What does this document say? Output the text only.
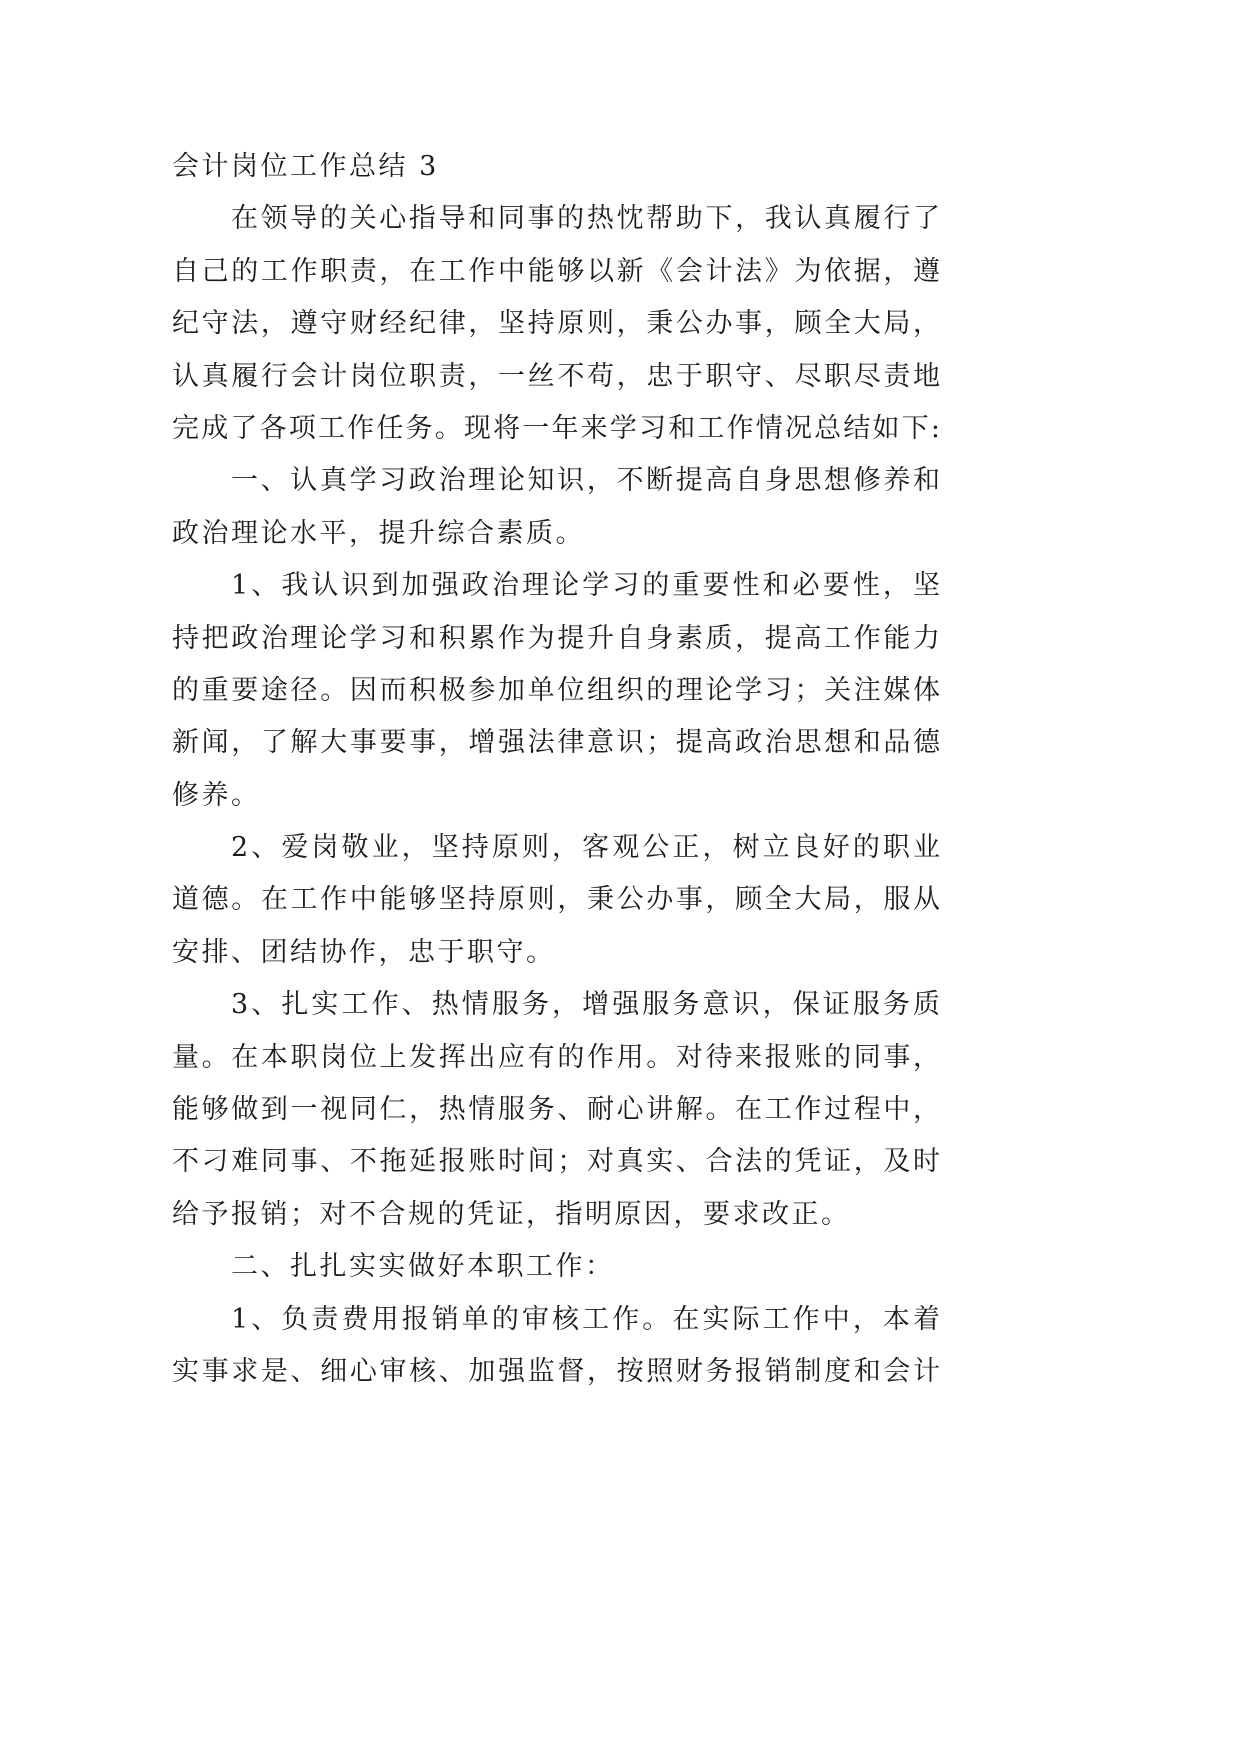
会计岗位工作总结 3
在领导的关心指导和同事的热忱帮助下，我认真履行了
自己的工作职责，在工作中能够以新《会计法》为依据，遵
纪守法，遵守财经纪律，坚持原则，秉公办事，顾全大局，
认真履行会计岗位职责，一丝不苟，忠于职守、尽职尽责地
完成了各项工作任务。现将一年来学习和工作情况总结如下:
一、认真学习政治理论知识，不断提高自身思想修养和
政治理论水平，提升综合素质。
1、我认识到加强政治理论学习的重要性和必要性，坚
持把政治理论学习和积累作为提升自身素质，提高工作能力
的重要途径。因而积极参加单位组织的理论学习；关注媒体
新闻，了解大事要事，增强法律意识；提高政治思想和品德
修养。
2、爱岗敬业，坚持原则，客观公正，树立良好的职业
道德。在工作中能够坚持原则，秉公办事，顾全大局，服从
安排、团结协作，忠于职守。
3、扎实工作、热情服务，增强服务意识，保证服务质
量。在本职岗位上发挥出应有的作用。对待来报账的同事，
能够做到一视同仁，热情服务、耐心讲解。在工作过程中，
不刁难同事、不拖延报账时间；对真实、合法的凭证，及时
给予报销；对不合规的凭证，指明原因，要求改正。
二、扎扎实实做好本职工作：
1、负责费用报销单的审核工作。在实际工作中，本着
实事求是、细心审核、加强监督，按照财务报销制度和会计
